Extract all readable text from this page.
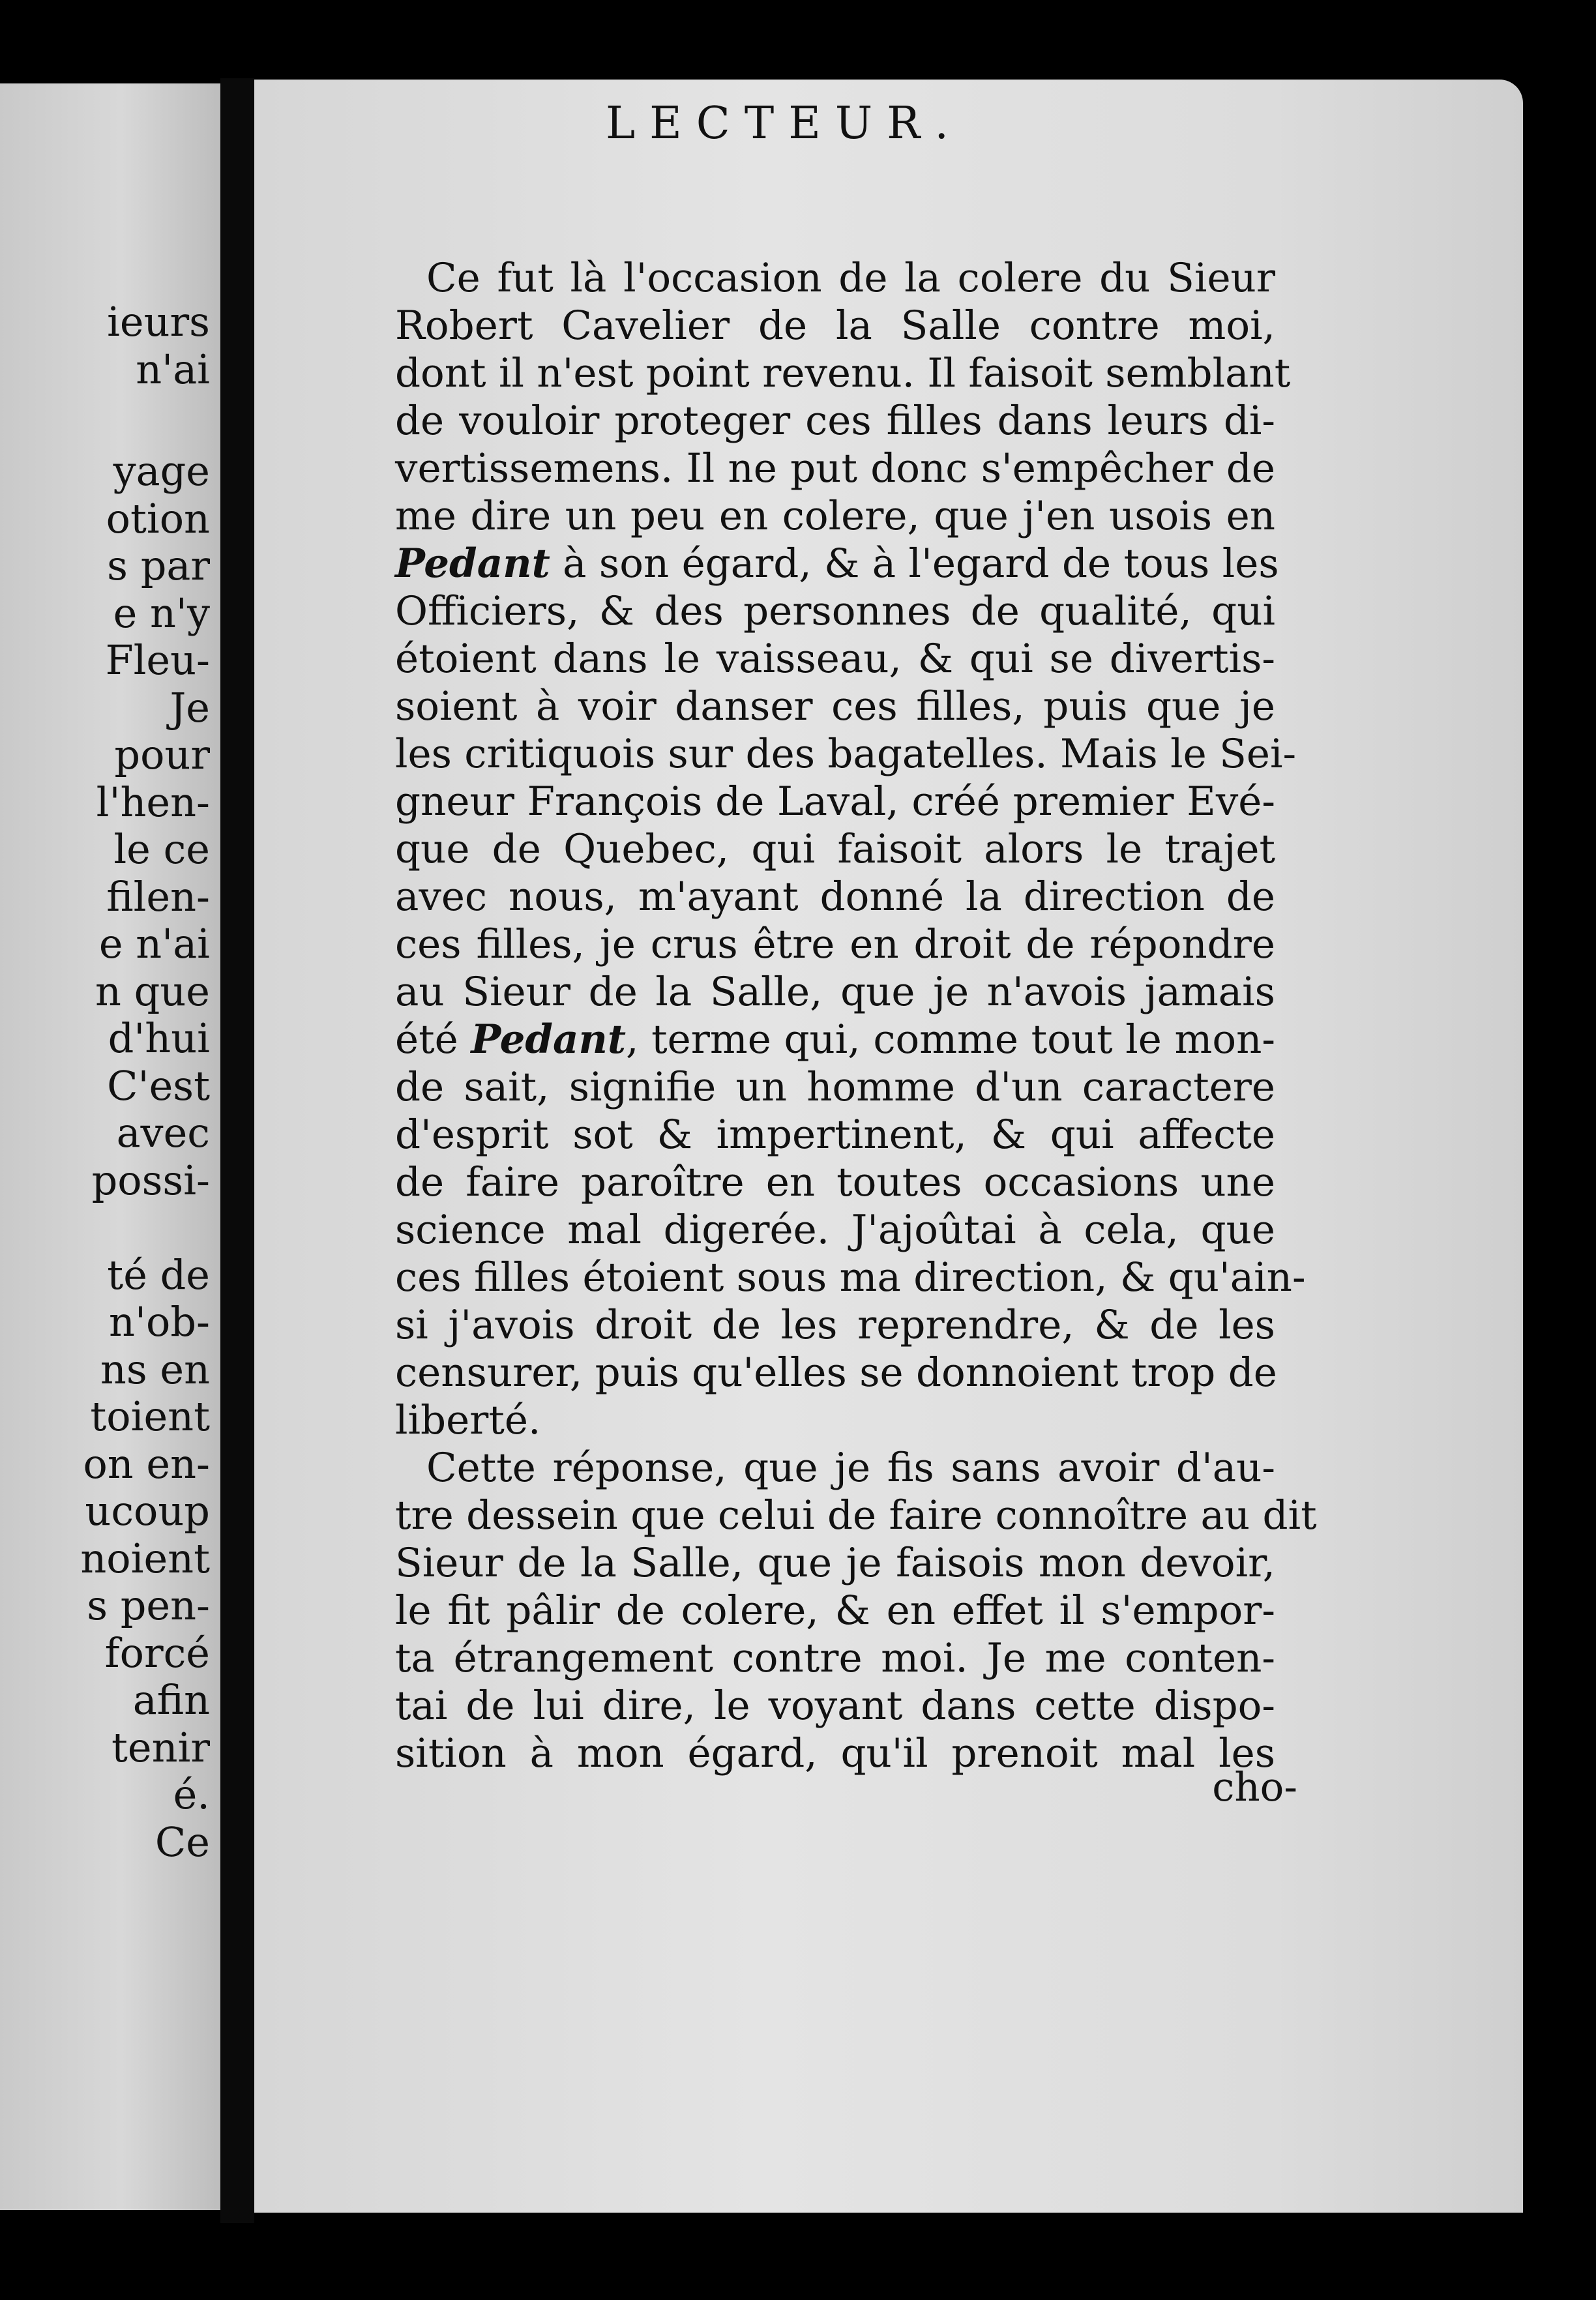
ieurs
n'ai
yage
otion
s par
e n'y
Fleu-
Je
pour
l'hen-
le ce
filen-
e n'ai
n que
d'hui
C'est
avec
possi-
té de
n'ob-
ns en
toient
on en-
ucoup
noient
s pen-
forcé
afin
tenir
é.
Ce
LECTEUR.

Ce fut là l'occasion de la colere du Sieur
Robert Cavelier de la Salle contre moi,
dont il n'est point revenu. Il faisoit semblant
de vouloir proteger ces filles dans leurs di-
vertissemens. Il ne put donc s'empêcher de
me dire un peu en colere, que j'en usois en
Pedant à son égard, & à l'egard de tous les
Officiers, & des personnes de qualité, qui
étoient dans le vaisseau, & qui se divertis-
soient à voir danser ces filles, puis que je
les critiquois sur des bagatelles. Mais le Sei-
gneur François de Laval, créé premier Evé-
que de Quebec, qui faisoit alors le trajet
avec nous, m'ayant donné la direction de
ces filles, je crus être en droit de répondre
au Sieur de la Salle, que je n'avois jamais
été Pedant, terme qui, comme tout le mon-
de sait, signifie un homme d'un caractere
d'esprit sot & impertinent, & qui affecte
de faire paroître en toutes occasions une
science mal digerée. J'ajoûtai à cela, que
ces filles étoient sous ma direction, & qu'ain-
si j'avois droit de les reprendre, & de les
censurer, puis qu'elles se donnoient trop de
liberté.

Cette réponse, que je fis sans avoir d'au-
tre dessein que celui de faire connoître au dit
Sieur de la Salle, que je faisois mon devoir,
le fit pâlir de colere, & en effet il s'empor-
ta étrangement contre moi. Je me conten-
tai de lui dire, le voyant dans cette dispo-
sition à mon égard, qu'il prenoit mal les

cho-
